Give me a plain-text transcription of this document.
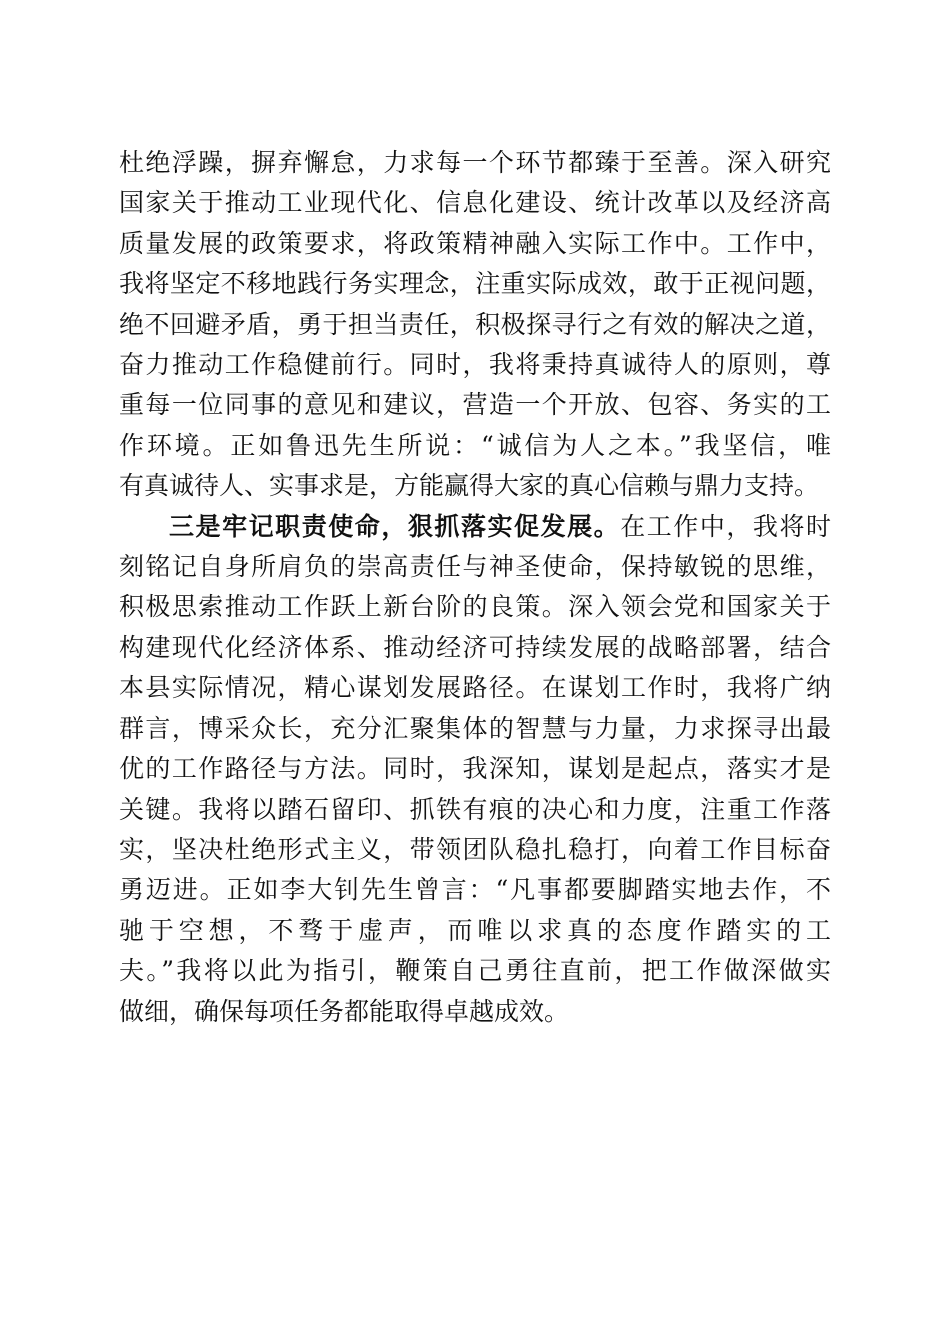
杜绝浮躁，摒弃懈怠，力求每一个环节都臻于至善。深入研究
国家关于推动工业现代化、信息化建设、统计改革以及经济高
质量发展的政策要求，将政策精神融入实际工作中。工作中，
我将坚定不移地践行务实理念，注重实际成效，敢于正视问题，
绝不回避矛盾，勇于担当责任，积极探寻行之有效的解决之道，
奋力推动工作稳健前行。同时，我将秉持真诚待人的原则，尊
重每一位同事的意见和建议，营造一个开放、包容、务实的工
作环境。正如鲁迅先生所说：“诚信为人之本。”我坚信，唯
有真诚待人、实事求是，方能赢得大家的真心信赖与鼎力支持。
三是牢记职责使命，狠抓落实促发展。在工作中，我将时
刻铭记自身所肩负的崇高责任与神圣使命，保持敏锐的思维，
积极思索推动工作跃上新台阶的良策。深入领会党和国家关于
构建现代化经济体系、推动经济可持续发展的战略部署，结合
本县实际情况，精心谋划发展路径。在谋划工作时，我将广纳
群言，博采众长，充分汇聚集体的智慧与力量，力求探寻出最
优的工作路径与方法。同时，我深知，谋划是起点，落实才是
关键。我将以踏石留印、抓铁有痕的决心和力度，注重工作落
实，坚决杜绝形式主义，带领团队稳扎稳打，向着工作目标奋
勇迈进。正如李大钊先生曾言：“凡事都要脚踏实地去作，不
驰于空想，不骛于虚声，而唯以求真的态度作踏实的工
夫。”我将以此为指引，鞭策自己勇往直前，把工作做深做实
做细，确保每项任务都能取得卓越成效。
